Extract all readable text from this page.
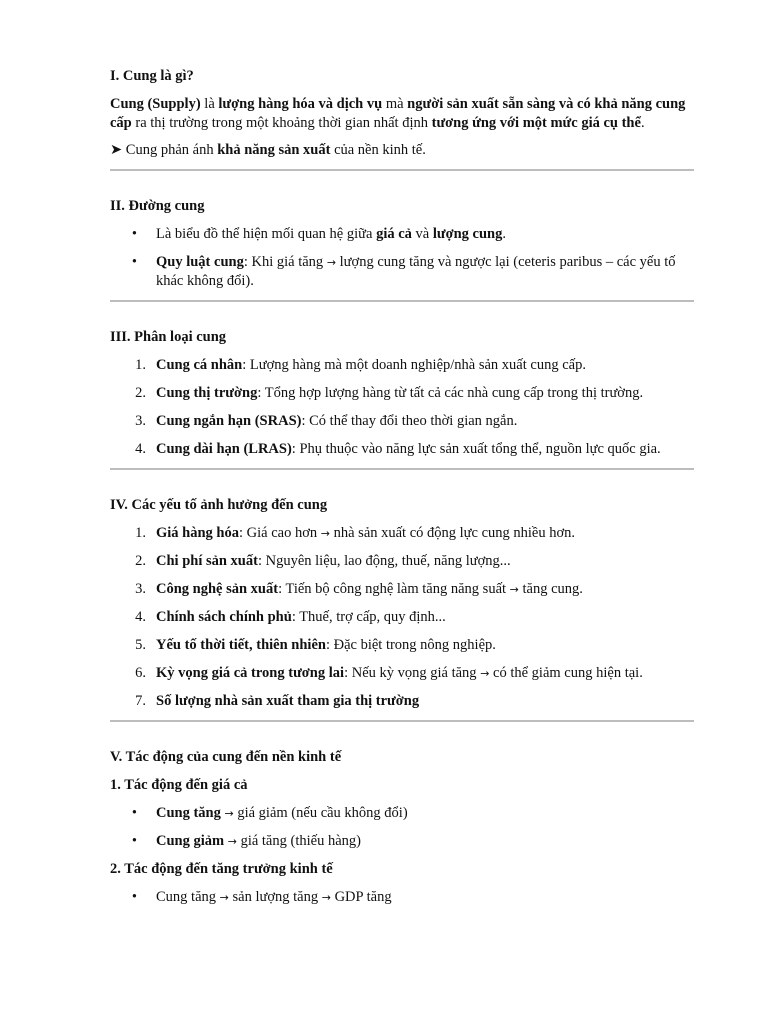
I. Cung là gì?

Cung (Supply) là lượng hàng hóa và dịch vụ mà người sản xuất sẵn sàng và có khả năng cung cấp ra thị trường trong một khoảng thời gian nhất định tương ứng với một mức giá cụ thể.

➤ Cung phản ánh khả năng sản xuất của nền kinh tế.

II. Đường cung

• Là biểu đồ thể hiện mối quan hệ giữa giá cả và lượng cung.
• Quy luật cung: Khi giá tăng → lượng cung tăng và ngược lại (ceteris paribus – các yếu tố khác không đổi).

III. Phân loại cung

1. Cung cá nhân: Lượng hàng mà một doanh nghiệp/nhà sản xuất cung cấp.
2. Cung thị trường: Tổng hợp lượng hàng từ tất cả các nhà cung cấp trong thị trường.
3. Cung ngắn hạn (SRAS): Có thể thay đổi theo thời gian ngắn.
4. Cung dài hạn (LRAS): Phụ thuộc vào năng lực sản xuất tổng thể, nguồn lực quốc gia.

IV. Các yếu tố ảnh hưởng đến cung

1. Giá hàng hóa: Giá cao hơn → nhà sản xuất có động lực cung nhiều hơn.
2. Chi phí sản xuất: Nguyên liệu, lao động, thuế, năng lượng...
3. Công nghệ sản xuất: Tiến bộ công nghệ làm tăng năng suất → tăng cung.
4. Chính sách chính phủ: Thuế, trợ cấp, quy định...
5. Yếu tố thời tiết, thiên nhiên: Đặc biệt trong nông nghiệp.
6. Kỳ vọng giá cả trong tương lai: Nếu kỳ vọng giá tăng → có thể giảm cung hiện tại.
7. Số lượng nhà sản xuất tham gia thị trường

V. Tác động của cung đến nền kinh tế

1. Tác động đến giá cả

• Cung tăng → giá giảm (nếu cầu không đổi)
• Cung giảm → giá tăng (thiếu hàng)

2. Tác động đến tăng trưởng kinh tế

• Cung tăng → sản lượng tăng → GDP tăng
